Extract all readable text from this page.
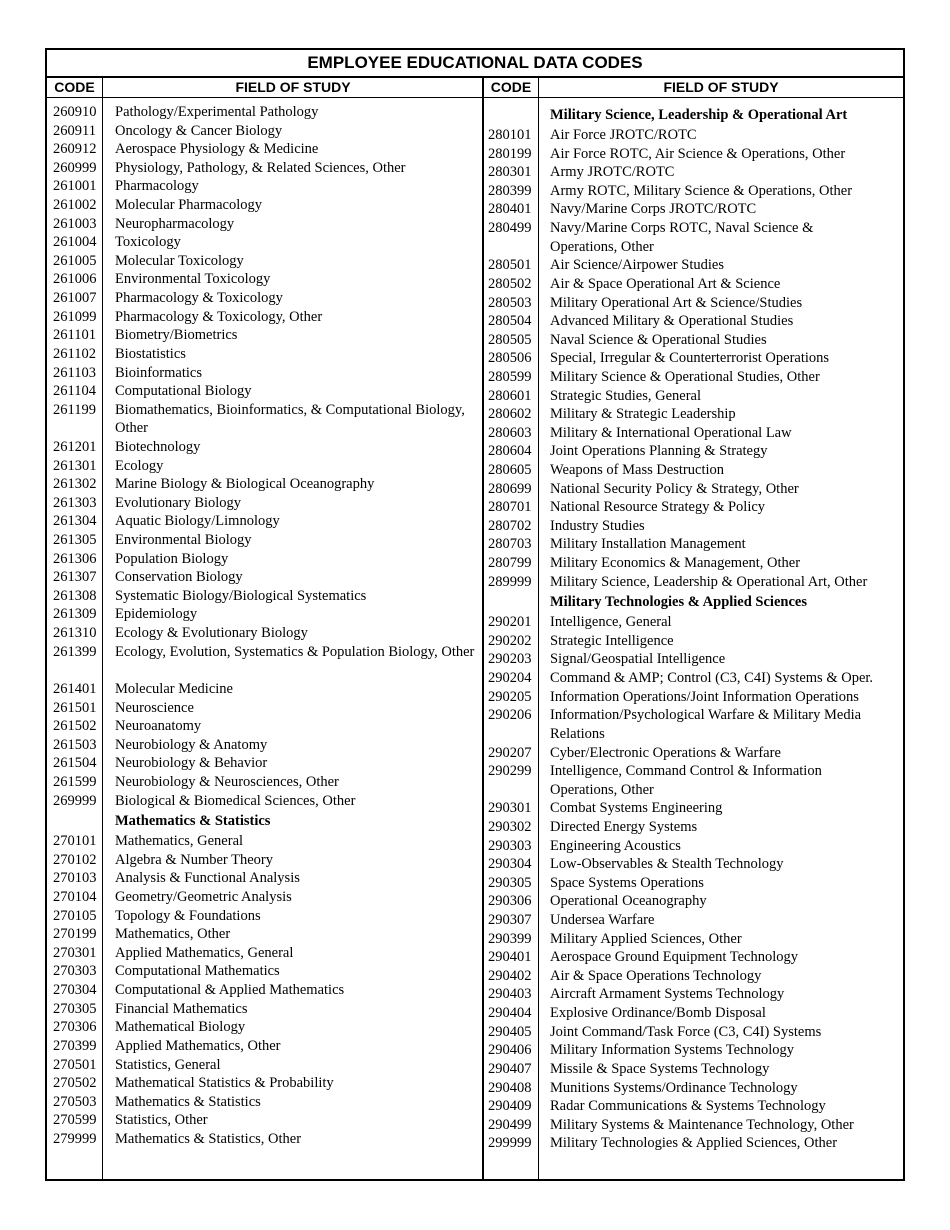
EMPLOYEE EDUCATIONAL DATA CODES
CODE	FIELD OF STUDY	CODE	FIELD OF STUDY
260910 Pathology/Experimental Pathology
260911 Oncology & Cancer Biology
260912 Aerospace Physiology & Medicine
260999 Physiology, Pathology, & Related Sciences, Other
261001 Pharmacology
261002 Molecular Pharmacology
261003 Neuropharmacology
261004 Toxicology
261005 Molecular Toxicology
261006 Environmental Toxicology
261007 Pharmacology & Toxicology
261099 Pharmacology & Toxicology, Other
261101 Biometry/Biometrics
261102 Biostatistics
261103 Bioinformatics
261104 Computational Biology
261199 Biomathematics, Bioinformatics, & Computational Biology, Other
261201 Biotechnology
261301 Ecology
261302 Marine Biology & Biological Oceanography
261303 Evolutionary Biology
261304 Aquatic Biology/Limnology
261305 Environmental Biology
261306 Population Biology
261307 Conservation Biology
261308 Systematic Biology/Biological Systematics
261309 Epidemiology
261310 Ecology & Evolutionary Biology
261399 Ecology, Evolution, Systematics & Population Biology, Other
261401 Molecular Medicine
261501 Neuroscience
261502 Neuroanatomy
261503 Neurobiology & Anatomy
261504 Neurobiology & Behavior
261599 Neurobiology & Neurosciences, Other
269999 Biological & Biomedical Sciences, Other
Mathematics & Statistics
270101 Mathematics, General
270102 Algebra & Number Theory
270103 Analysis & Functional Analysis
270104 Geometry/Geometric Analysis
270105 Topology & Foundations
270199 Mathematics, Other
270301 Applied Mathematics, General
270303 Computational Mathematics
270304 Computational & Applied Mathematics
270305 Financial Mathematics
270306 Mathematical Biology
270399 Applied Mathematics, Other
270501 Statistics, General
270502 Mathematical Statistics & Probability
270503 Mathematics & Statistics
270599 Statistics, Other
279999 Mathematics & Statistics, Other
Military Science, Leadership & Operational Art
280101 Air Force JROTC/ROTC
280199 Air Force ROTC, Air Science & Operations, Other
280301 Army JROTC/ROTC
280399 Army ROTC, Military Science & Operations, Other
280401 Navy/Marine Corps JROTC/ROTC
280499 Navy/Marine Corps ROTC, Naval Science & Operations, Other
280501 Air Science/Airpower Studies
280502 Air & Space Operational Art & Science
280503 Military Operational Art & Science/Studies
280504 Advanced Military & Operational Studies
280505 Naval Science & Operational Studies
280506 Special, Irregular & Counterterrorist Operations
280599 Military Science & Operational Studies, Other
280601 Strategic Studies, General
280602 Military & Strategic Leadership
280603 Military & International Operational Law
280604 Joint Operations Planning & Strategy
280605 Weapons of Mass Destruction
280699 National Security Policy & Strategy, Other
280701 National Resource Strategy & Policy
280702 Industry Studies
280703 Military Installation Management
280799 Military Economics & Management, Other
289999 Military Science, Leadership & Operational Art, Other
Military Technologies & Applied Sciences
290201 Intelligence, General
290202 Strategic Intelligence
290203 Signal/Geospatial Intelligence
290204 Command & AMP; Control (C3, C4I) Systems & Oper.
290205 Information Operations/Joint Information Operations
290206 Information/Psychological Warfare & Military Media Relations
290207 Cyber/Electronic Operations & Warfare
290299 Intelligence, Command Control & Information Operations, Other
290301 Combat Systems Engineering
290302 Directed Energy Systems
290303 Engineering Acoustics
290304 Low-Observables & Stealth Technology
290305 Space Systems Operations
290306 Operational Oceanography
290307 Undersea Warfare
290399 Military Applied Sciences, Other
290401 Aerospace Ground Equipment Technology
290402 Air & Space Operations Technology
290403 Aircraft Armament Systems Technology
290404 Explosive Ordinance/Bomb Disposal
290405 Joint Command/Task Force (C3, C4I) Systems
290406 Military Information Systems Technology
290407 Missile & Space Systems Technology
290408 Munitions Systems/Ordinance Technology
290409 Radar Communications & Systems Technology
290499 Military Systems & Maintenance Technology, Other
299999 Military Technologies & Applied Sciences, Other
